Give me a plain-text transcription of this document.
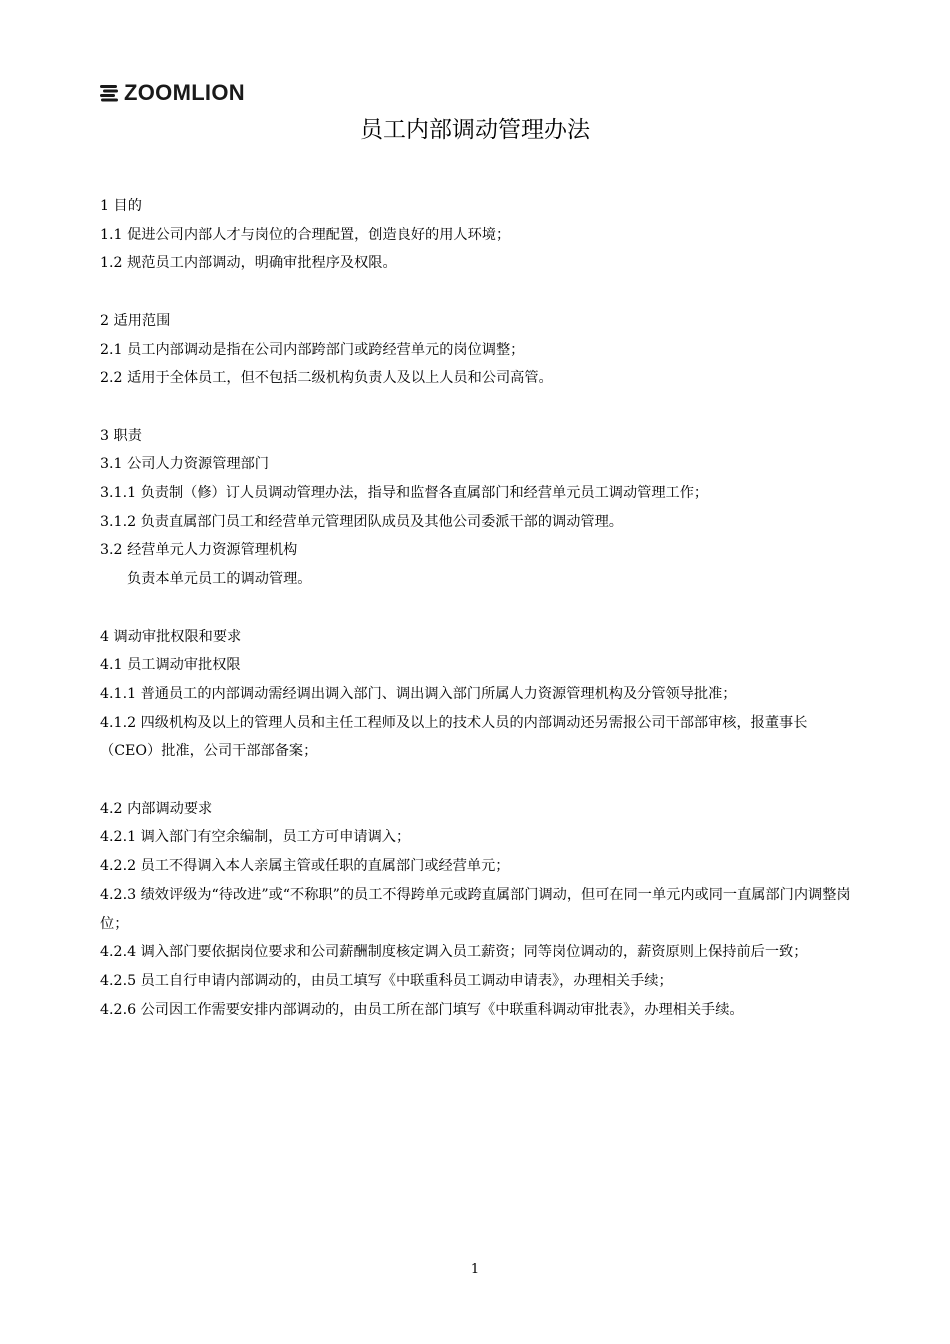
ZOOMLION
员工内部调动管理办法
1 目的
1.1 促进公司内部人才与岗位的合理配置，创造良好的用人环境；
1.2 规范员工内部调动，明确审批程序及权限。
2 适用范围
2.1 员工内部调动是指在公司内部跨部门或跨经营单元的岗位调整；
2.2 适用于全体员工，但不包括二级机构负责人及以上人员和公司高管。
3 职责
3.1 公司人力资源管理部门
3.1.1 负责制（修）订人员调动管理办法，指导和监督各直属部门和经营单元员工调动管理工作；
3.1.2 负责直属部门员工和经营单元管理团队成员及其他公司委派干部的调动管理。
3.2 经营单元人力资源管理机构
负责本单元员工的调动管理。
4 调动审批权限和要求
4.1 员工调动审批权限
4.1.1 普通员工的内部调动需经调出调入部门、调出调入部门所属人力资源管理机构及分管领导批准；
4.1.2 四级机构及以上的管理人员和主任工程师及以上的技术人员的内部调动还另需报公司干部部审核，报董事长（CEO）批准，公司干部部备案；
4.2 内部调动要求
4.2.1 调入部门有空余编制，员工方可申请调入；
4.2.2 员工不得调入本人亲属主管或任职的直属部门或经营单元；
4.2.3 绩效评级为“待改进”或“不称职”的员工不得跨单元或跨直属部门调动，但可在同一单元内或同一直属部门内调整岗位；
4.2.4 调入部门要依据岗位要求和公司薪酬制度核定调入员工薪资；同等岗位调动的，薪资原则上保持前后一致；
4.2.5 员工自行申请内部调动的，由员工填写《中联重科员工调动申请表》，办理相关手续；
4.2.6 公司因工作需要安排内部调动的，由员工所在部门填写《中联重科调动审批表》，办理相关手续。
1
